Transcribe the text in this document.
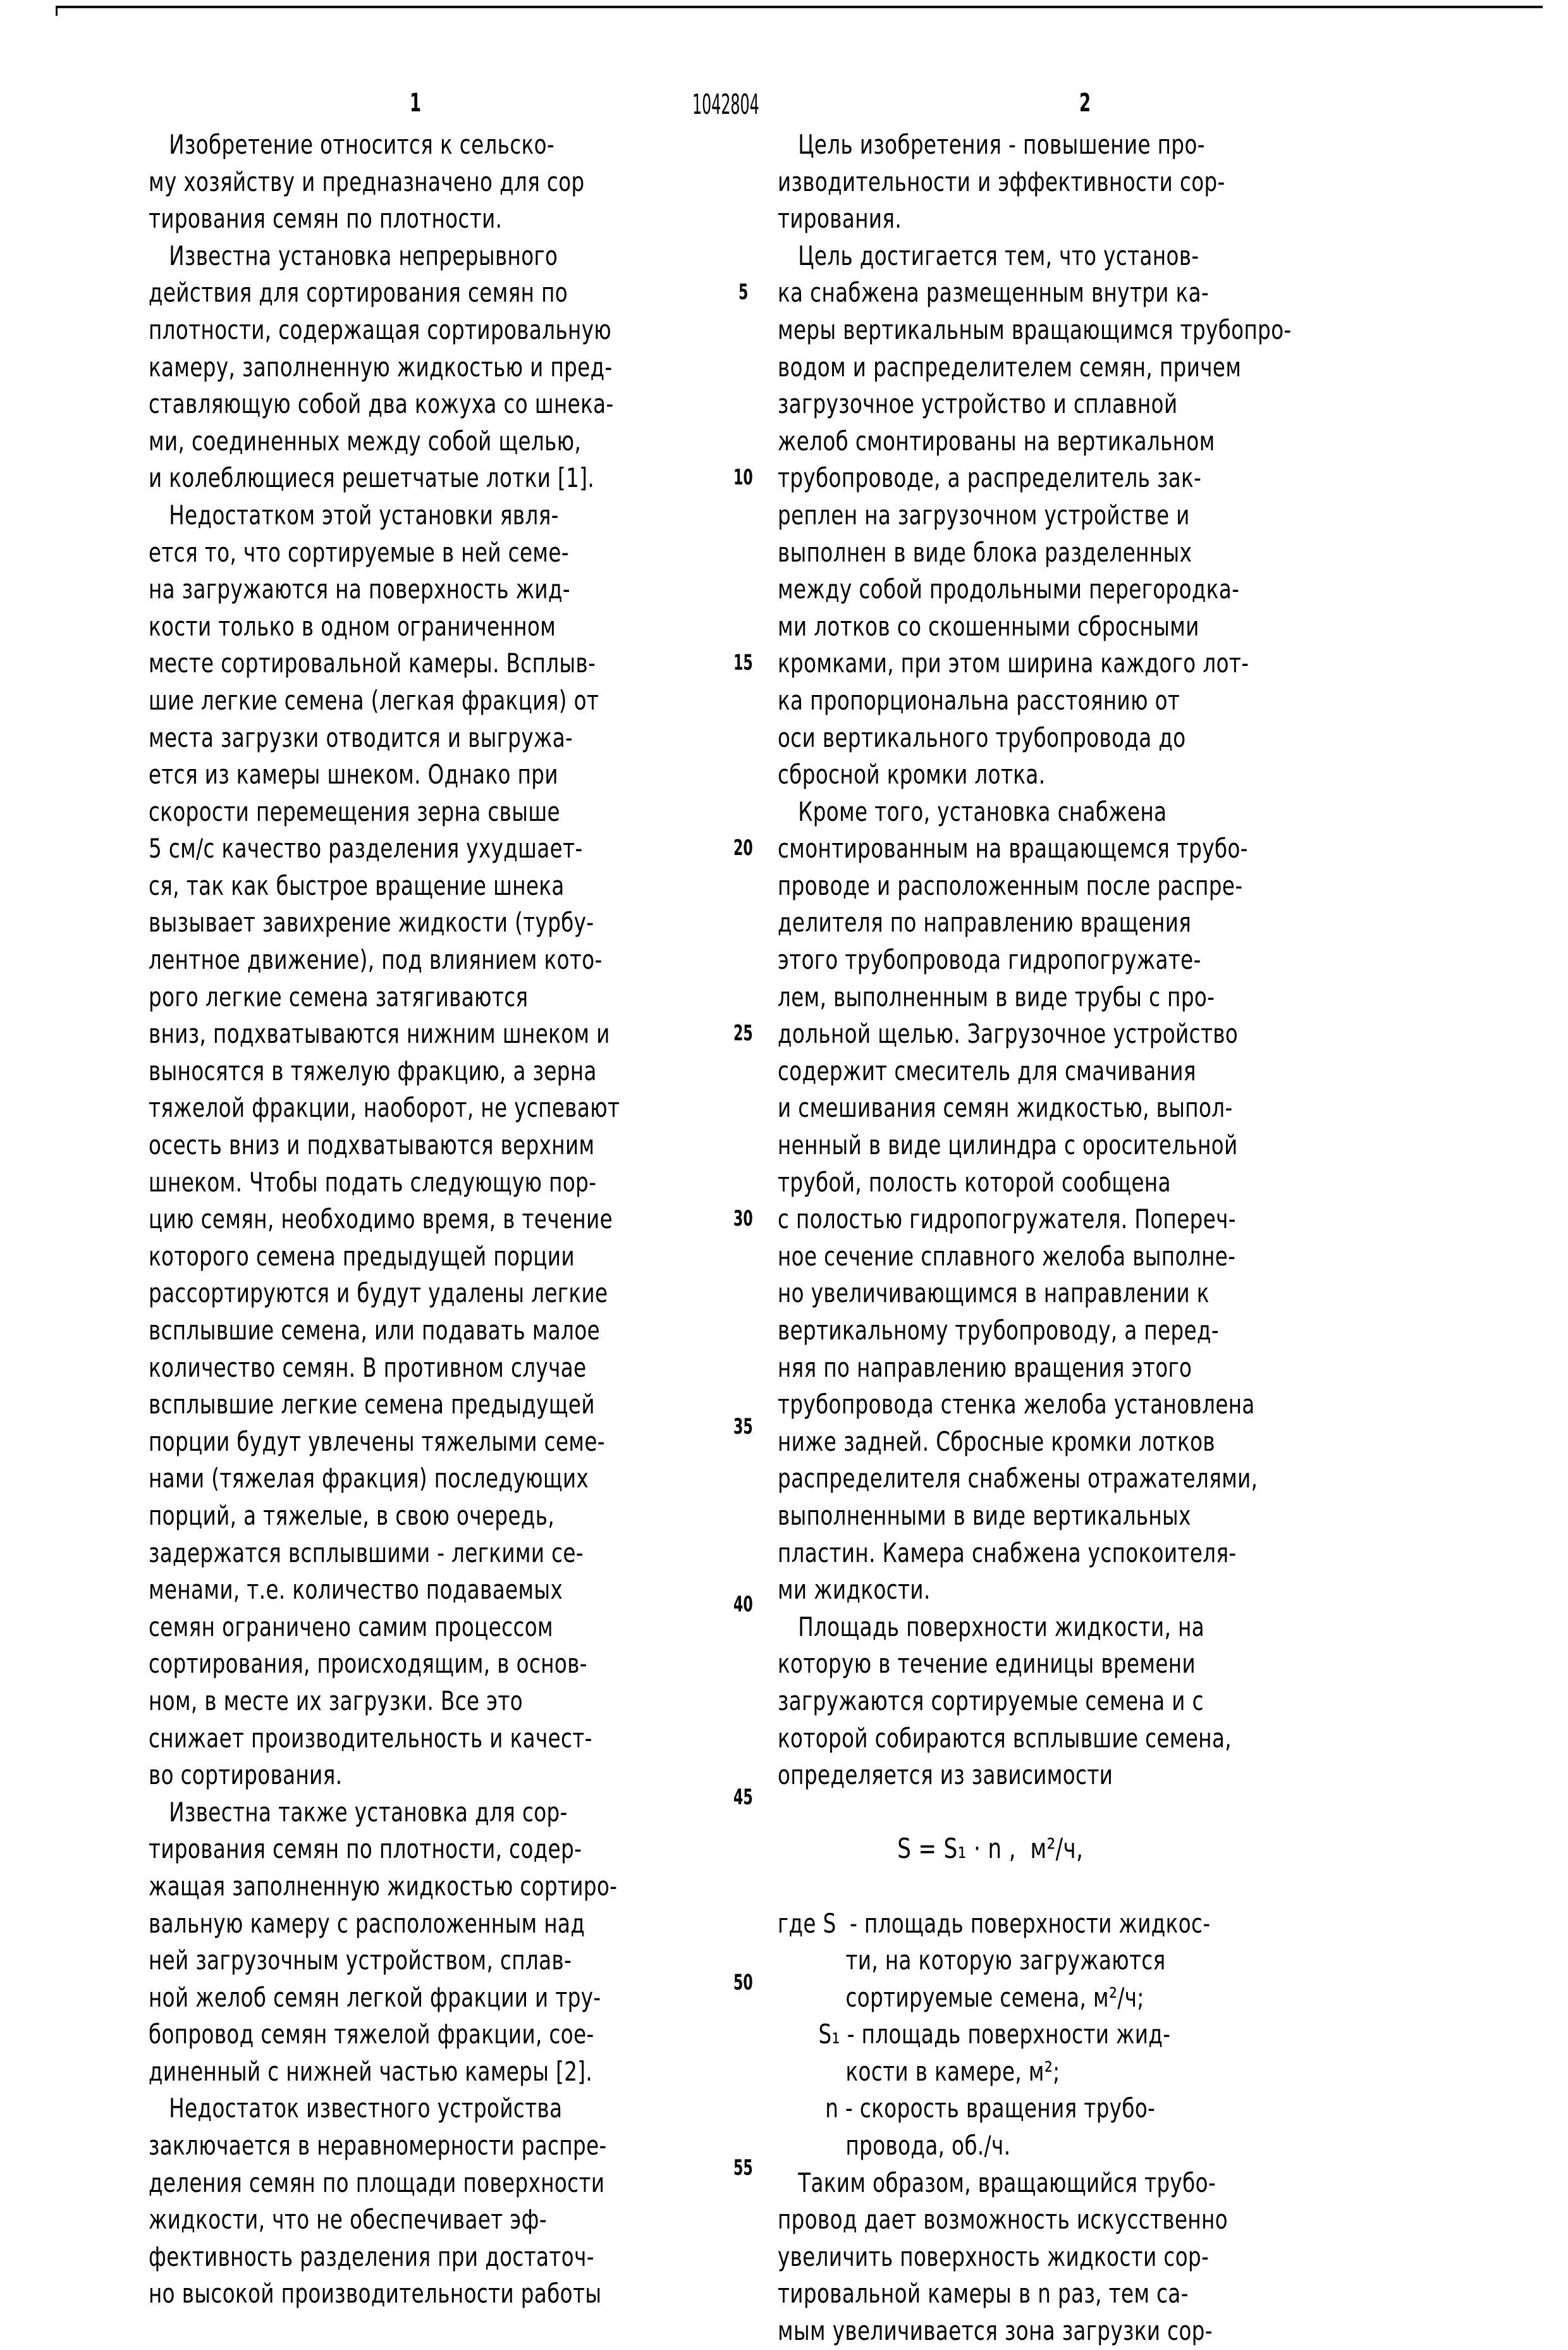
1	1042804	2
Изобретение относится к сельско-
му хозяйству и предназначено для сор
тирования семян по плотности.
Известна установка непрерывного
действия для сортирования семян по
плотности, содержащая сортировальную
камеру, заполненную жидкостью и пред-
ставляющую собой два кожуха со шнека-
ми, соединенных между собой щелью,
и колеблющиеся решетчатые лотки [1].
Недостатком этой установки явля-
ется то, что сортируемые в ней семе-
на загружаются на поверхность жид-
кости только в одном ограниченном
месте сортировальной камеры. Всплыв-
шие легкие семена (легкая фракция) от
места загрузки отводится и выгружа-
ется из камеры шнеком. Однако при
скорости перемещения зерна свыше
5 см/с качество разделения ухудшает-
ся, так как быстрое вращение шнека
вызывает завихрение жидкости (турбу-
лентное движение), под влиянием кото-
рого легкие семена затягиваются
вниз, подхватываются нижним шнеком и
выносятся в тяжелую фракцию, а зерна
тяжелой фракции, наоборот, не успевают
осесть вниз и подхватываются верхним
шнеком. Чтобы подать следующую пор-
цию семян, необходимо время, в течение
которого семена предыдущей порции
рассортируются и будут удалены легкие
всплывшие семена, или подавать малое
количество семян. В противном случае
всплывшие легкие семена предыдущей
порции будут увлечены тяжелыми семе-
нами (тяжелая фракция) последующих
порций, а тяжелые, в свою очередь,
задержатся всплывшими - легкими се-
менами, т.е. количество подаваемых
семян ограничено самим процессом
сортирования, происходящим, в основ-
ном, в месте их загрузки. Все это
снижает производительность и качест-
во сортирования.
Известна также установка для сор-
тирования семян по плотности, содер-
жащая заполненную жидкостью сортиро-
вальную камеру с расположенным над
ней загрузочным устройством, сплав-
ной желоб семян легкой фракции и тру-
бопровод семян тяжелой фракции, сое-
диненный с нижней частью камеры [2].
Недостаток известного устройства
заключается в неравномерности распре-
деления семян по площади поверхности
жидкости, что не обеспечивает эф-
фективность разделения при достаточ-
но высокой производительности работы
Цель изобретения - повышение про-
изводительности и эффективности сор-
тирования.
Цель достигается тем, что установ-
ка снабжена размещенным внутри ка-
меры вертикальным вращающимся трубопро-
водом и распределителем семян, причем
загрузочное устройство и сплавной
желоб смонтированы на вертикальном
трубопроводе, а распределитель зак-
реплен на загрузочном устройстве и
выполнен в виде блока разделенных
между собой продольными перегородка-
ми лотков со скошенными сбросными
кромками, при этом ширина каждого лот-
ка пропорциональна расстоянию от
оси вертикального трубопровода до
сбросной кромки лотка.
Кроме того, установка снабжена
смонтированным на вращающемся трубо-
проводе и расположенным после распре-
делителя по направлению вращения
этого трубопровода гидропогружате-
лем, выполненным в виде трубы с про-
дольной щелью. Загрузочное устройство
содержит смеситель для смачивания
и смешивания семян жидкостью, выпол-
ненный в виде цилиндра с оросительной
трубой, полость которой сообщена
с полостью гидропогружателя. Попереч-
ное сечение сплавного желоба выполне-
но увеличивающимся в направлении к
вертикальному трубопроводу, а перед-
няя по направлению вращения этого
трубопровода стенка желоба установлена
ниже задней. Сбросные кромки лотков
распределителя снабжены отражателями,
выполненными в виде вертикальных
пластин. Камера снабжена успокоителя-
ми жидкости.
Площадь поверхности жидкости, на
которую в течение единицы времени
загружаются сортируемые семена и с
которой собираются всплывшие семена,
определяется из зависимости
S = S₁ · n ,  м²/ч,
где S  - площадь поверхности жидкос-
ти, на которую загружаются
сортируемые семена, м²/ч;
S₁ - площадь поверхности жид-
кости в камере, м²;
n - скорость вращения трубо-
провода, об./ч.
Таким образом, вращающийся трубо-
провод дает возможность искусственно
увеличить поверхность жидкости сор-
тировальной камеры в n раз, тем са-
мым увеличивается зона загрузки сор-
5
10
15
20
25
30
35
40
45
50
55
